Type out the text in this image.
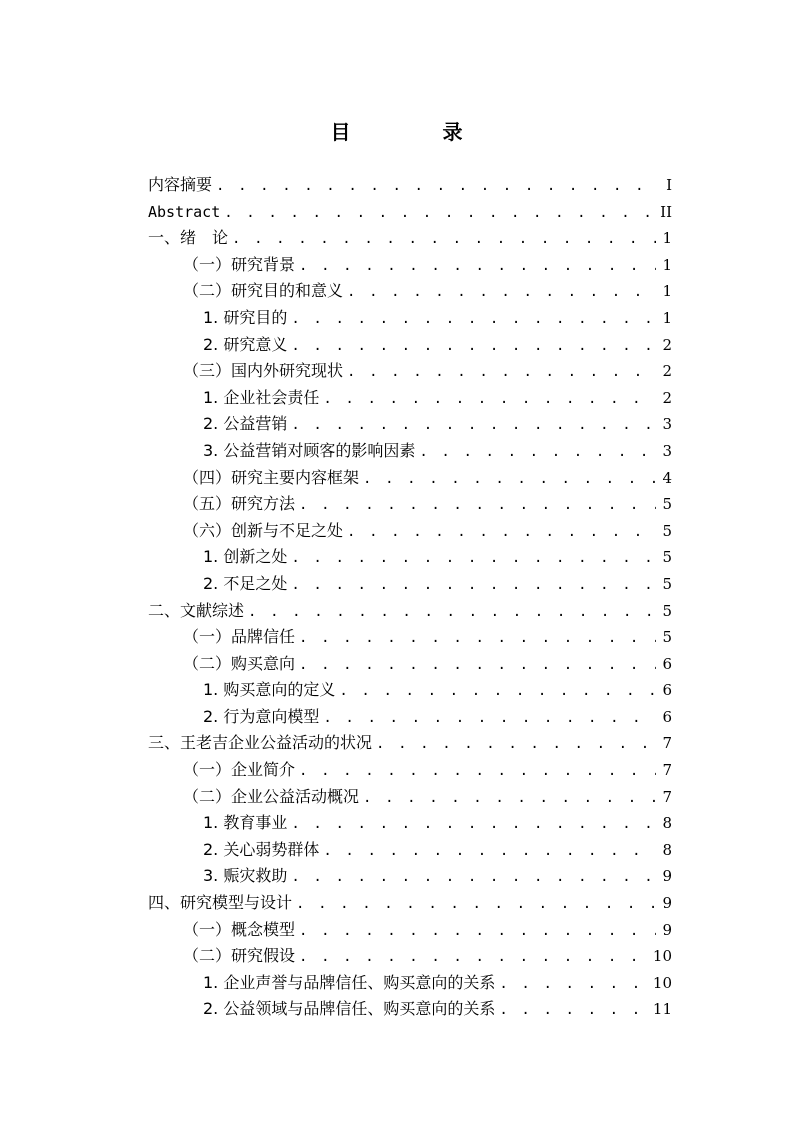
目　录
内容摘要 . . .	I
Abstract . . .	II
一、绪　论 . . .	1
（一）研究背景 . . .	1
（二）研究目的和意义 . . .	1
1. 研究目的 . . .	1
2. 研究意义 . . .	2
（三）国内外研究现状 . . .	2
1. 企业社会责任 . . .	2
2. 公益营销 . . .	3
3. 公益营销对顾客的影响因素 . . .	3
（四）研究主要内容框架 . . .	4
（五）研究方法 . . .	5
（六）创新与不足之处 . . .	5
1. 创新之处 . . .	5
2. 不足之处 . . .	5
二、文献综述 . . .	5
（一）品牌信任 . . .	5
（二）购买意向 . . .	6
1. 购买意向的定义 . . .	6
2. 行为意向模型 . . .	6
三、王老吉企业公益活动的状况 . . .	7
（一）企业简介 . . .	7
（二）企业公益活动概况 . . .	7
1. 教育事业 . . .	8
2. 关心弱势群体 . . .	8
3. 赈灾救助 . . .	9
四、研究模型与设计 . . .	9
（一）概念模型 . . .	9
（二）研究假设 . . .	10
1. 企业声誉与品牌信任、购买意向的关系 . . .	10
2. 公益领域与品牌信任、购买意向的关系 . . .	11
